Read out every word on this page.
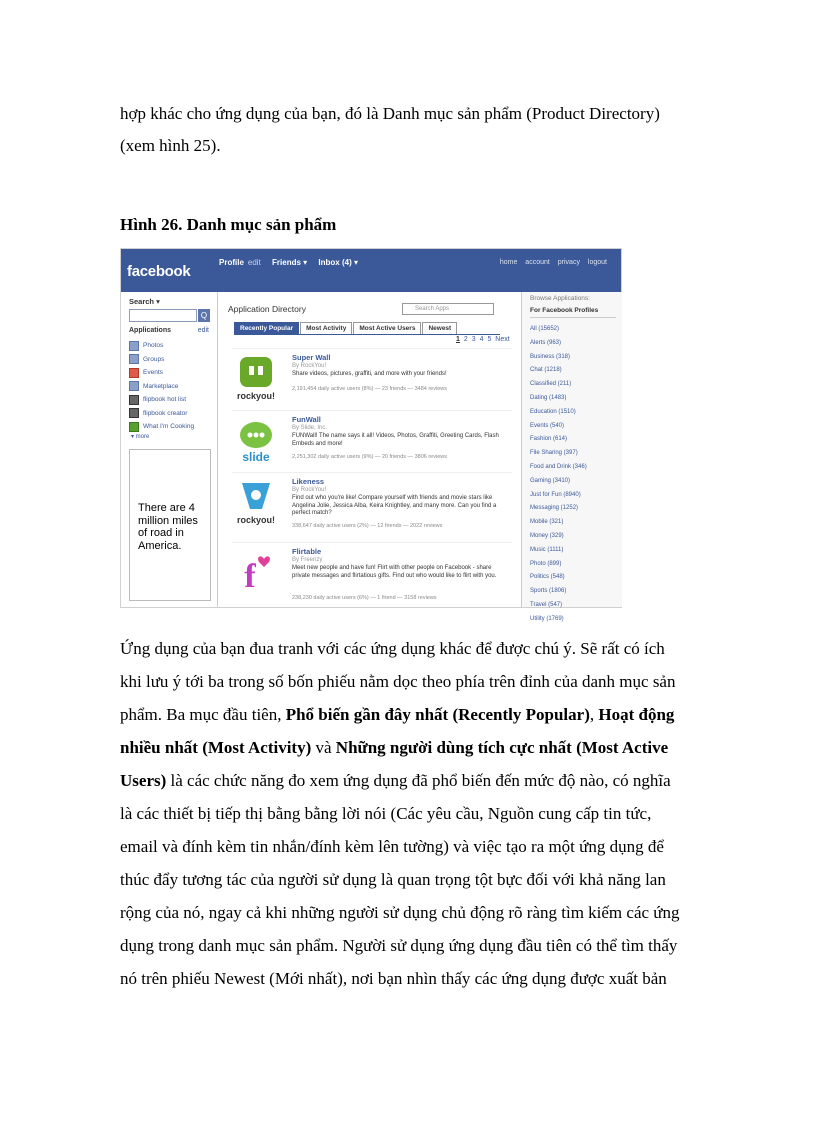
hợp khác cho ứng dụng của bạn, đó là Danh mục sản phẩm (Product Directory)
(xem hình 25).

Hình 26. Danh mục sản phẩm

facebook
Profile edit Friends ▾ Inbox (4) ▾	home account privacy logout
Search ▾
Q
Applications	edit
Photos
Groups
Events
Marketplace
flipbook hot list
flipbook creator
What I'm Cooking
▾ more
There are 4 million miles of road in America.
Application Directory	Search Apps
Recently Popular	Most Activity	Most Active Users	Newest
1 2 3 4 5 Next
rockyou!
Super Wall
By RockYou!
Share videos, pictures, graffiti, and more with your friends!
2,191,454 daily active users (8%) — 23 friends — 3484 reviews
slide
FunWall
By Slide, Inc.
FUNWall! The name says it all! Videos, Photos, Graffiti, Greeting Cards, Flash Embeds and more!
2,251,302 daily active users (9%) — 20 friends — 3806 reviews
rockyou!
Likeness
By RockYou!
Find out who you're like! Compare yourself with friends and movie stars like Angelina Jolie, Jessica Alba, Keira Knightley, and many more. Can you find a perfect match?
338,647 daily active users (2%) — 12 friends — 2022 reviews
f
Flirtable
By Freenzy
Meet new people and have fun! Flirt with other people on Facebook - share private messages and flirtatious gifts. Find out who would like to flirt with you.
238,230 daily active users (6%) — 1 friend — 3158 reviews
Browse Applications:
For Facebook Profiles
All (15652)
Alerts (963)
Business (318)
Chat (1218)
Classified (211)
Dating (1483)
Education (1510)
Events (540)
Fashion (614)
File Sharing (397)
Food and Drink (346)
Gaming (3410)
Just for Fun (8940)
Messaging (1252)
Mobile (321)
Money (329)
Music (1111)
Photo (899)
Politics (548)
Sports (1806)
Travel (547)
Utility (1769)

Ứng dụng của bạn đua tranh với các ứng dụng khác để được chú ý. Sẽ rất có ích
khi lưu ý tới ba trong số bốn phiếu nằm dọc theo phía trên đỉnh của danh mục sản
phẩm. Ba mục đầu tiên, Phổ biến gần đây nhất (Recently Popular), Hoạt động
nhiều nhất (Most Activity) và Những người dùng tích cực nhất (Most Active
Users) là các chức năng đo xem ứng dụng đã phổ biến đến mức độ nào, có nghĩa
là các thiết bị tiếp thị bằng bằng lời nói (Các yêu cầu, Nguồn cung cấp tin tức,
email và đính kèm tin nhắn/đính kèm lên tường) và việc tạo ra một ứng dụng để
thúc đẩy tương tác của người sử dụng là quan trọng tột bực đối với khả năng lan
rộng của nó, ngay cả khi những người sử dụng chủ động rõ ràng tìm kiếm các ứng
dụng trong danh mục sản phẩm. Người sử dụng ứng dụng đầu tiên có thể tìm thấy
nó trên phiếu Newest (Mới nhất), nơi bạn nhìn thấy các ứng dụng được xuất bản
